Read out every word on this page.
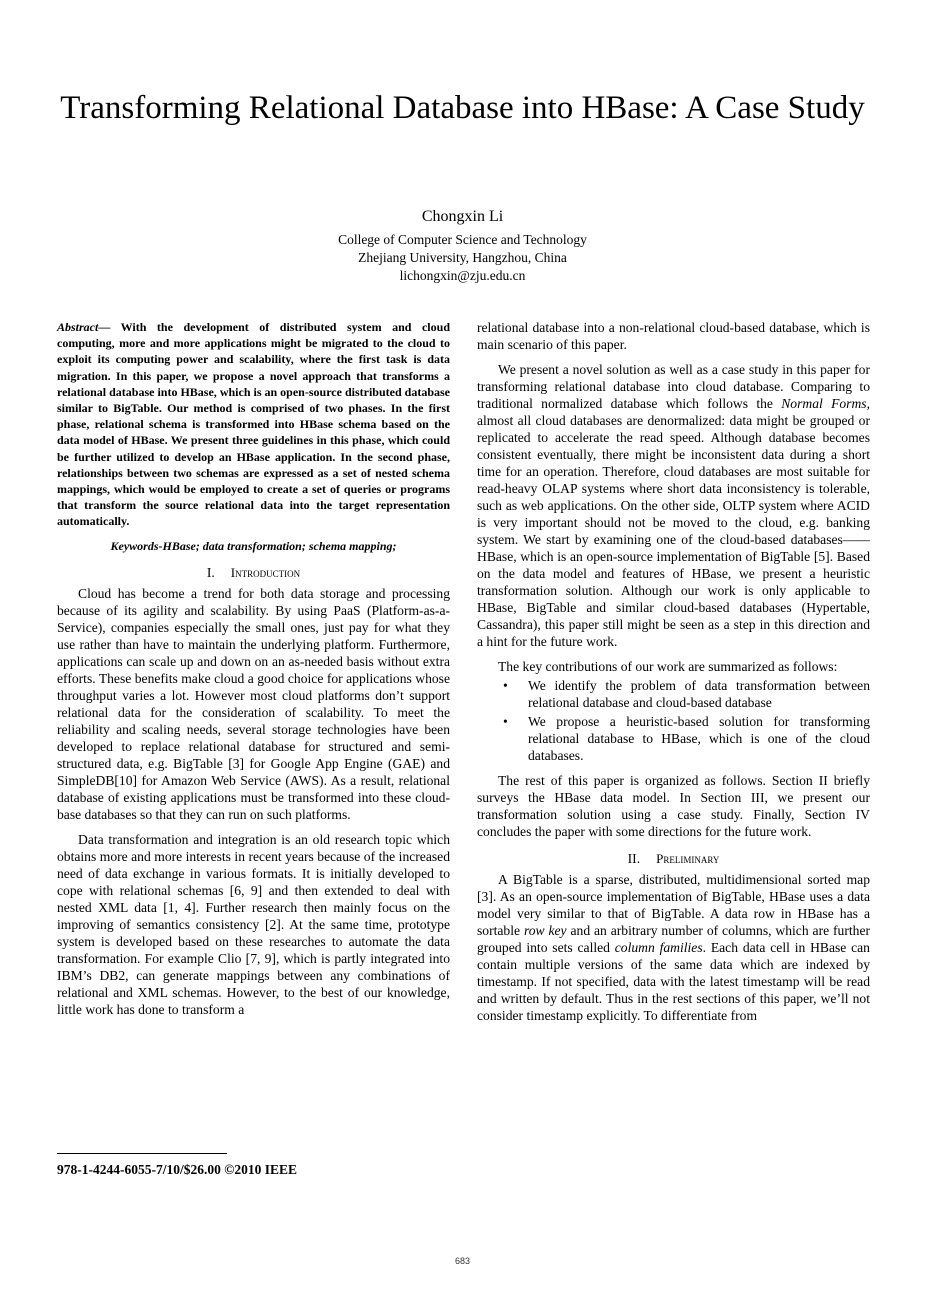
Transforming Relational Database into HBase: A Case Study
Chongxin Li
College of Computer Science and Technology
Zhejiang University, Hangzhou, China
lichongxin@zju.edu.cn

Abstract— With the development of distributed system and cloud computing, more and more applications might be migrated to the cloud to exploit its computing power and scalability, where the first task is data migration. In this paper, we propose a novel approach that transforms a relational database into HBase, which is an open-source distributed database similar to BigTable. Our method is comprised of two phases. In the first phase, relational schema is transformed into HBase schema based on the data model of HBase. We present three guidelines in this phase, which could be further utilized to develop an HBase application. In the second phase, relationships between two schemas are expressed as a set of nested schema mappings, which would be employed to create a set of queries or programs that transform the source relational data into the target representation automatically.

Keywords-HBase; data transformation; schema mapping;
I. Introduction

Cloud has become a trend for both data storage and processing because of its agility and scalability. By using PaaS (Platform-as-a-Service), companies especially the small ones, just pay for what they use rather than have to maintain the underlying platform. Furthermore, applications can scale up and down on an as-needed basis without extra efforts. These benefits make cloud a good choice for applications whose throughput varies a lot. However most cloud platforms don’t support relational data for the consideration of scalability. To meet the reliability and scaling needs, several storage technologies have been developed to replace relational database for structured and semi-structured data, e.g. BigTable [3] for Google App Engine (GAE) and SimpleDB[10] for Amazon Web Service (AWS). As a result, relational database of existing applications must be transformed into these cloud-base databases so that they can run on such platforms.

Data transformation and integration is an old research topic which obtains more and more interests in recent years because of the increased need of data exchange in various formats. It is initially developed to cope with relational schemas [6, 9] and then extended to deal with nested XML data [1, 4]. Further research then mainly focus on the improving of semantics consistency [2]. At the same time, prototype system is developed based on these researches to automate the data transformation. For example Clio [7, 9], which is partly integrated into IBM’s DB2, can generate mappings between any combinations of relational and XML schemas. However, to the best of our knowledge, little work has done to transform a

relational database into a non-relational cloud-based database, which is main scenario of this paper.

We present a novel solution as well as a case study in this paper for transforming relational database into cloud database. Comparing to traditional normalized database which follows the Normal Forms, almost all cloud databases are denormalized: data might be grouped or replicated to accelerate the read speed. Although database becomes consistent eventually, there might be inconsistent data during a short time for an operation. Therefore, cloud databases are most suitable for read-heavy OLAP systems where short data inconsistency is tolerable, such as web applications. On the other side, OLTP system where ACID is very important should not be moved to the cloud, e.g. banking system. We start by examining one of the cloud-based databases——HBase, which is an open-source implementation of BigTable [5]. Based on the data model and features of HBase, we present a heuristic transformation solution. Although our work is only applicable to HBase, BigTable and similar cloud-based databases (Hypertable, Cassandra), this paper still might be seen as a step in this direction and a hint for the future work.

The key contributions of our work are summarized as follows:

• We identify the problem of data transformation between relational database and cloud-based database
• We propose a heuristic-based solution for transforming relational database to HBase, which is one of the cloud databases.

The rest of this paper is organized as follows. Section II briefly surveys the HBase data model. In Section III, we present our transformation solution using a case study. Finally, Section IV concludes the paper with some directions for the future work.

II. Preliminary

A BigTable is a sparse, distributed, multidimensional sorted map [3]. As an open-source implementation of BigTable, HBase uses a data model very similar to that of BigTable. A data row in HBase has a sortable row key and an arbitrary number of columns, which are further grouped into sets called column families. Each data cell in HBase can contain multiple versions of the same data which are indexed by timestamp. If not specified, data with the latest timestamp will be read and written by default. Thus in the rest sections of this paper, we’ll not consider timestamp explicitly. To differentiate from

978-1-4244-6055-7/10/$26.00 ©2010 IEEE
683
